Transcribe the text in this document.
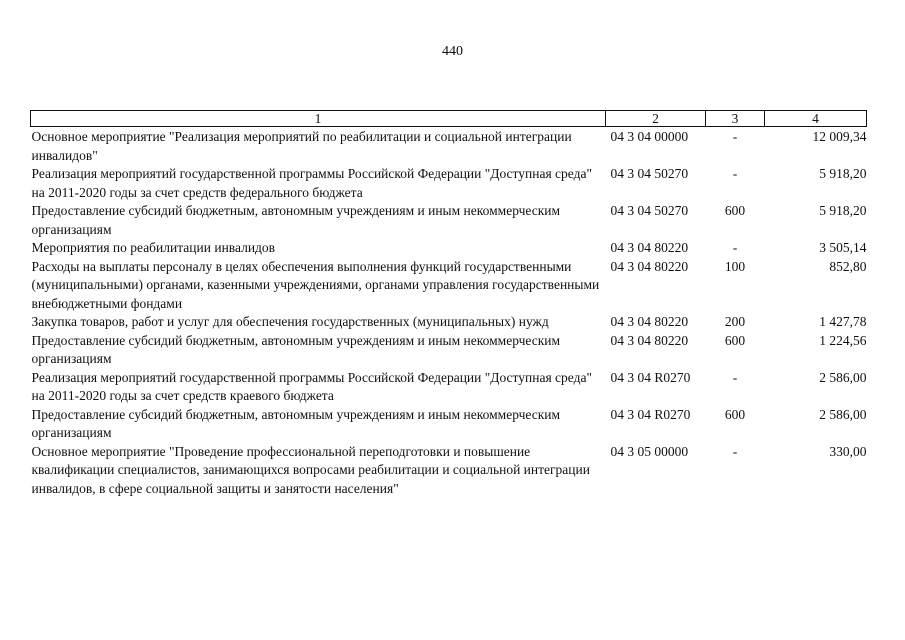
440
1	2	3	4
Основное мероприятие "Реализация мероприятий по реабилитации и социальной интеграции инвалидов"	04 3 04 00000	-	12 009,34
Реализация мероприятий государственной программы Российской Федерации "Доступная среда" на 2011-2020 годы за счет средств федерального бюджета	04 3 04 50270	-	5 918,20
Предоставление субсидий бюджетным, автономным учреждениям и иным некоммерческим организациям	04 3 04 50270	600	5 918,20
Мероприятия по реабилитации инвалидов	04 3 04 80220	-	3 505,14
Расходы на выплаты персоналу в целях обеспечения выполнения функций государственными (муниципальными) органами, казенными учреждениями, органами управления государственными внебюджетными фондами	04 3 04 80220	100	852,80
Закупка товаров, работ и услуг для обеспечения государственных (муниципальных) нужд	04 3 04 80220	200	1 427,78
Предоставление субсидий бюджетным, автономным учреждениям и иным некоммерческим организациям	04 3 04 80220	600	1 224,56
Реализация мероприятий государственной программы Российской Федерации "Доступная среда" на 2011-2020 годы за счет средств краевого бюджета	04 3 04 R0270	-	2 586,00
Предоставление субсидий бюджетным, автономным учреждениям и иным некоммерческим организациям	04 3 04 R0270	600	2 586,00
Основное мероприятие "Проведение профессиональной переподготовки и повышение квалификации специалистов, занимающихся вопросами реабилитации и социальной интеграции инвалидов, в сфере социальной защиты и занятости населения"	04 3 05 00000	-	330,00
